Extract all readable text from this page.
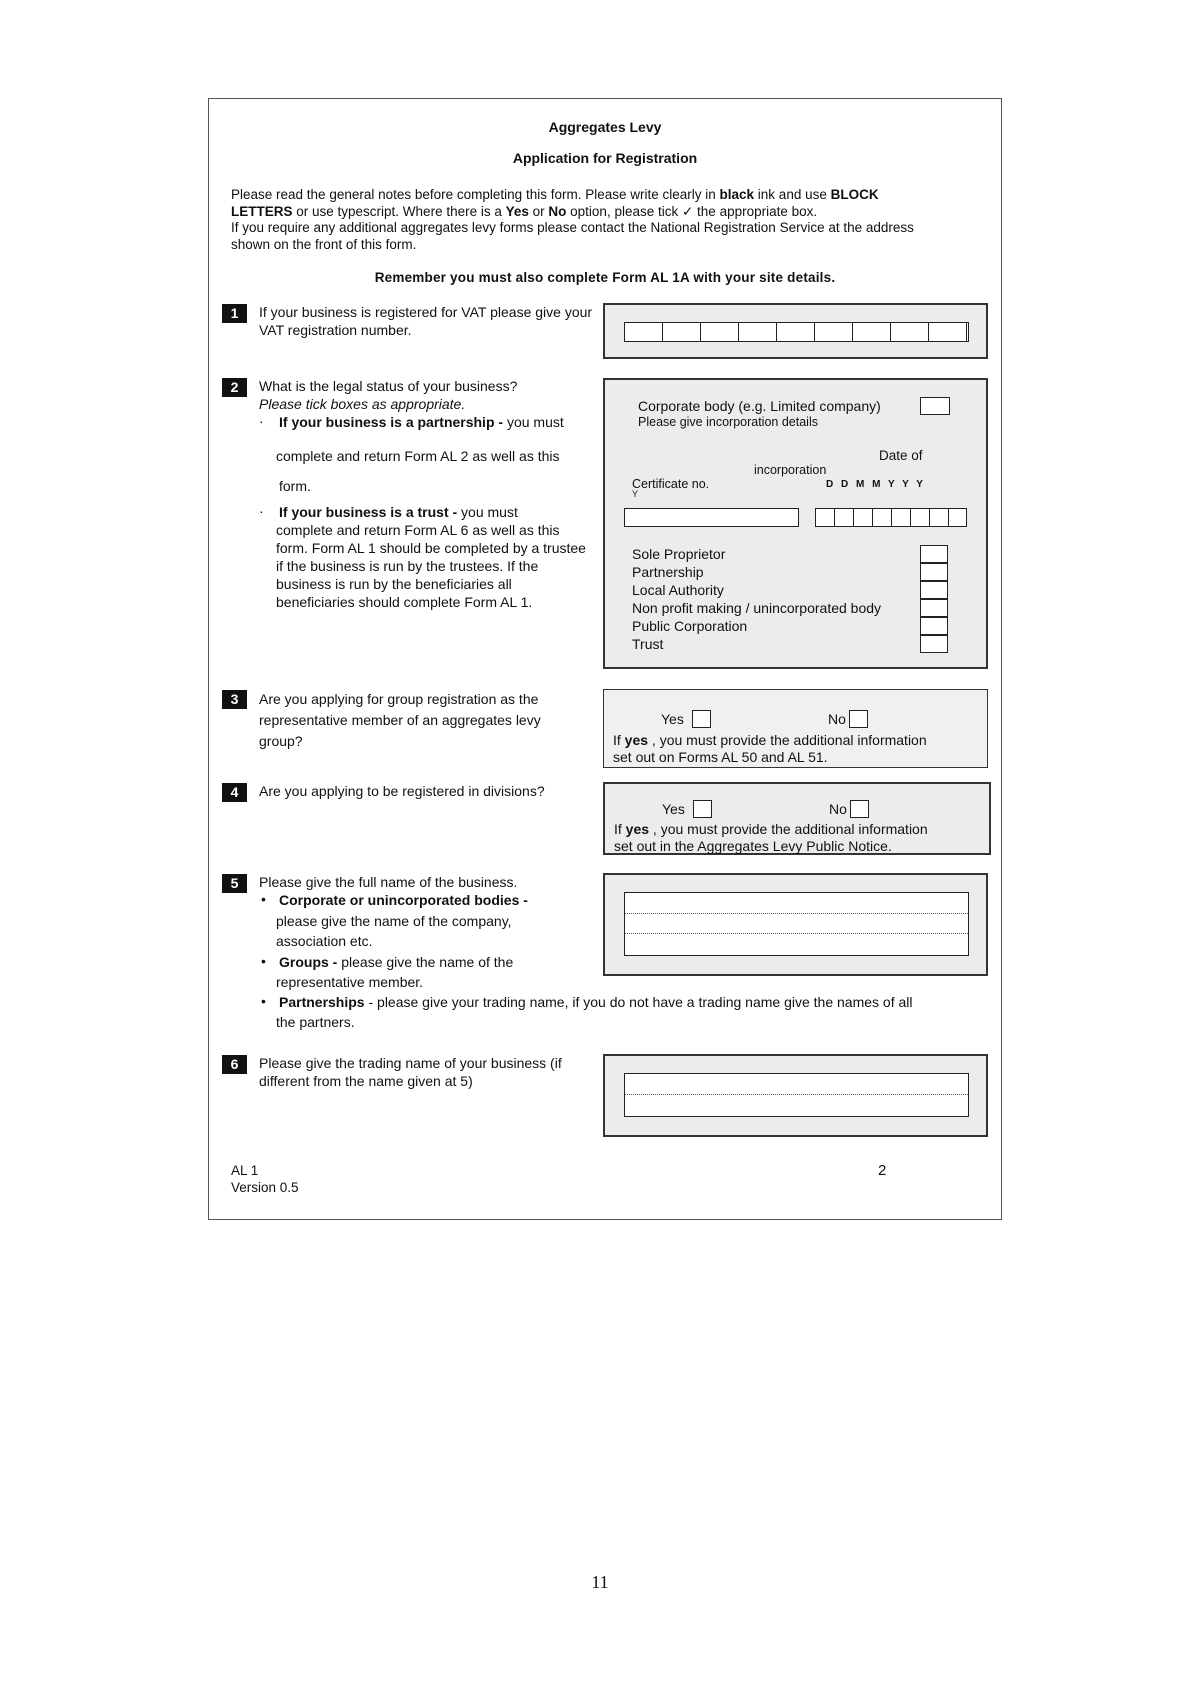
Aggregates Levy
Application for Registration
Please read the general notes before completing this form. Please write clearly in black ink and use BLOCK
LETTERS or use typescript. Where there is a Yes or No option, please tick ✓ the appropriate box.
If you require any additional aggregates levy forms please contact the National Registration Service at the address shown on the front of this form.
Remember you must also complete Form AL 1A with your site details.
1	If your business is registered for VAT please give your VAT registration number.
2	What is the legal status of your business?
Please tick boxes as appropriate.
· If your business is a partnership - you must
complete and return Form AL 2 as well as this
form.
· If your business is a trust - you must
complete and return Form AL 6 as well as this form. Form AL 1 should be completed by a trustee if the business is run by the trustees. If the business is run by the beneficiaries all beneficiaries should complete Form AL 1.
Corporate body (e.g. Limited company)
Please give incorporation details
Date of
incorporation
Certificate no.
Y
D D M M Y Y Y
Sole Proprietor
Partnership
Local Authority
Non profit making / unincorporated body
Public Corporation
Trust
3	Are you applying for group registration as the representative member of an aggregates levy group?
Yes	No
If yes , you must provide the additional information
set out on Forms AL 50 and AL 51.
4	Are you applying to be registered in divisions?
Yes	No
If yes , you must provide the additional information
set out in the Aggregates Levy Public Notice.
5	Please give the full name of the business.
• Corporate or unincorporated bodies -
please give the name of the company, association etc.
• Groups - please give the name of the
representative member.
• Partnerships - please give your trading name, if you do not have a trading name give the names of all
the partners.
6	Please give the trading name of your business (if different from the name given at 5)
AL 1
Version 0.5
2
11
